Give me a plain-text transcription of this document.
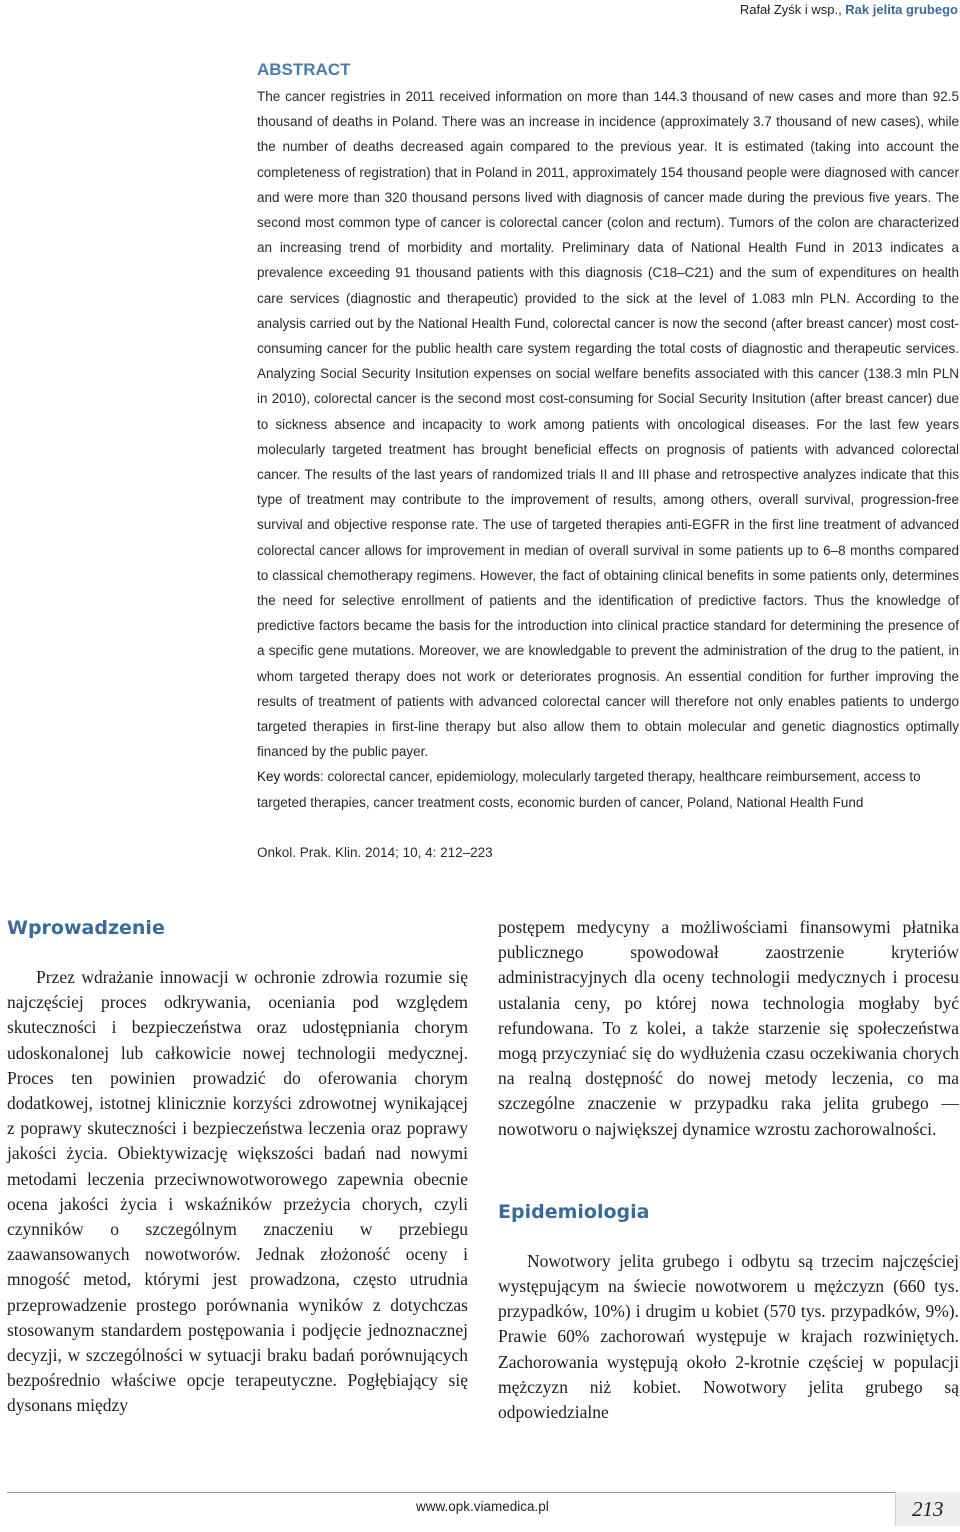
Rafał Zyśk i wsp., Rak jelita grubego
ABSTRACT

The cancer registries in 2011 received information on more than 144.3 thousand of new cases and more than 92.5 thousand of deaths in Poland. There was an increase in incidence (approximately 3.7 thousand of new cases), while the number of deaths decreased again compared to the previous year. It is estimated (taking into account the completeness of registration) that in Poland in 2011, approximately 154 thousand people were diagnosed with cancer and were more than 320 thousand persons lived with diagnosis of cancer made during the previous five years. The second most common type of cancer is colorectal cancer (colon and rectum). Tumors of the colon are characterized an increasing trend of morbidity and mortality. Preliminary data of National Health Fund in 2013 indicates a prevalence exceeding 91 thousand patients with this diagnosis (C18–C21) and the sum of expenditures on health care services (diagnostic and therapeutic) provided to the sick at the level of 1.083 mln PLN. According to the analysis carried out by the National Health Fund, colorectal cancer is now the second (after breast cancer) most cost-consuming cancer for the public health care system regarding the total costs of diagnostic and therapeutic services. Analyzing Social Security Insitution expenses on social welfare benefits associated with this cancer (138.3 mln PLN in 2010), colorectal cancer is the second most cost-consuming for Social Security Insitution (after breast cancer) due to sickness absence and incapacity to work among patients with oncological diseases. For the last few years molecularly targeted treatment has brought beneficial effects on prognosis of patients with advanced colorectal cancer. The results of the last years of randomized trials II and III phase and retrospective analyzes indicate that this type of treatment may contribute to the improvement of results, among others, overall survival, progression-free survival and objective response rate. The use of targeted therapies anti-EGFR in the first line treatment of advanced colorectal cancer allows for improvement in median of overall survival in some patients up to 6–8 months compared to classical chemotherapy regimens. However, the fact of obtaining clinical benefits in some patients only, determines the need for selective enrollment of patients and the identification of predictive factors. Thus the knowledge of predictive factors became the basis for the introduction into clinical practice standard for determining the presence of a specific gene mutations. Moreover, we are knowledgable to prevent the administration of the drug to the patient, in whom targeted therapy does not work or deteriorates prognosis. An essential condition for further improving the results of treatment of patients with advanced colorectal cancer will therefore not only enables patients to undergo targeted therapies in first-line therapy but also allow them to obtain molecular and genetic diagnostics optimally financed by the public payer.

Key words: colorectal cancer, epidemiology, molecularly targeted therapy, healthcare reimbursement, access to targeted therapies, cancer treatment costs, economic burden of cancer, Poland, National Health Fund

Onkol. Prak. Klin. 2014; 10, 4: 212–223
Wprowadzenie

Przez wdrażanie innowacji w ochronie zdrowia rozumie się najczęściej proces odkrywania, oceniania pod względem skuteczności i bezpieczeństwa oraz udostępniania chorym udoskonalonej lub całkowicie nowej technologii medycznej. Proces ten powinien prowadzić do oferowania chorym dodatkowej, istotnej klinicznie korzyści zdrowotnej wynikającej z poprawy skuteczności i bezpieczeństwa leczenia oraz poprawy jakości życia. Obiektywizację większości badań nad nowymi metodami leczenia przeciwnowotworowego zapewnia obecnie ocena jakości życia i wskaźników przeżycia chorych, czyli czynników o szczególnym znaczeniu w przebiegu zaawansowanych nowotworów. Jednak złożoność oceny i mnogość metod, którymi jest prowadzona, często utrudnia przeprowadzenie prostego porównania wyników z dotychczas stosowanym standardem postępowania i podjęcie jednoznacznej decyzji, w szczególności w sytuacji braku badań porównujących bezpośrednio właściwe opcje terapeutyczne. Pogłębiający się dysonans między

postępem medycyny a możliwościami finansowymi płatnika publicznego spowodował zaostrzenie kryteriów administracyjnych dla oceny technologii medycznych i procesu ustalania ceny, po której nowa technologia mogłaby być refundowana. To z kolei, a także starzenie się społeczeństwa mogą przyczyniać się do wydłużenia czasu oczekiwania chorych na realną dostępność do nowej metody leczenia, co ma szczególne znaczenie w przypadku raka jelita grubego — nowotworu o największej dynamice wzrostu zachorowalności.

Epidemiologia

Nowotwory jelita grubego i odbytu są trzecim najczęściej występującym na świecie nowotworem u mężczyzn (660 tys. przypadków, 10%) i drugim u kobiet (570 tys. przypadków, 9%). Prawie 60% zachorowań występuje w krajach rozwiniętych. Zachorowania występują około 2-krotnie częściej w populacji mężczyzn niż kobiet. Nowotwory jelita grubego są odpowiedzialne

www.opk.viamedica.pl	213
